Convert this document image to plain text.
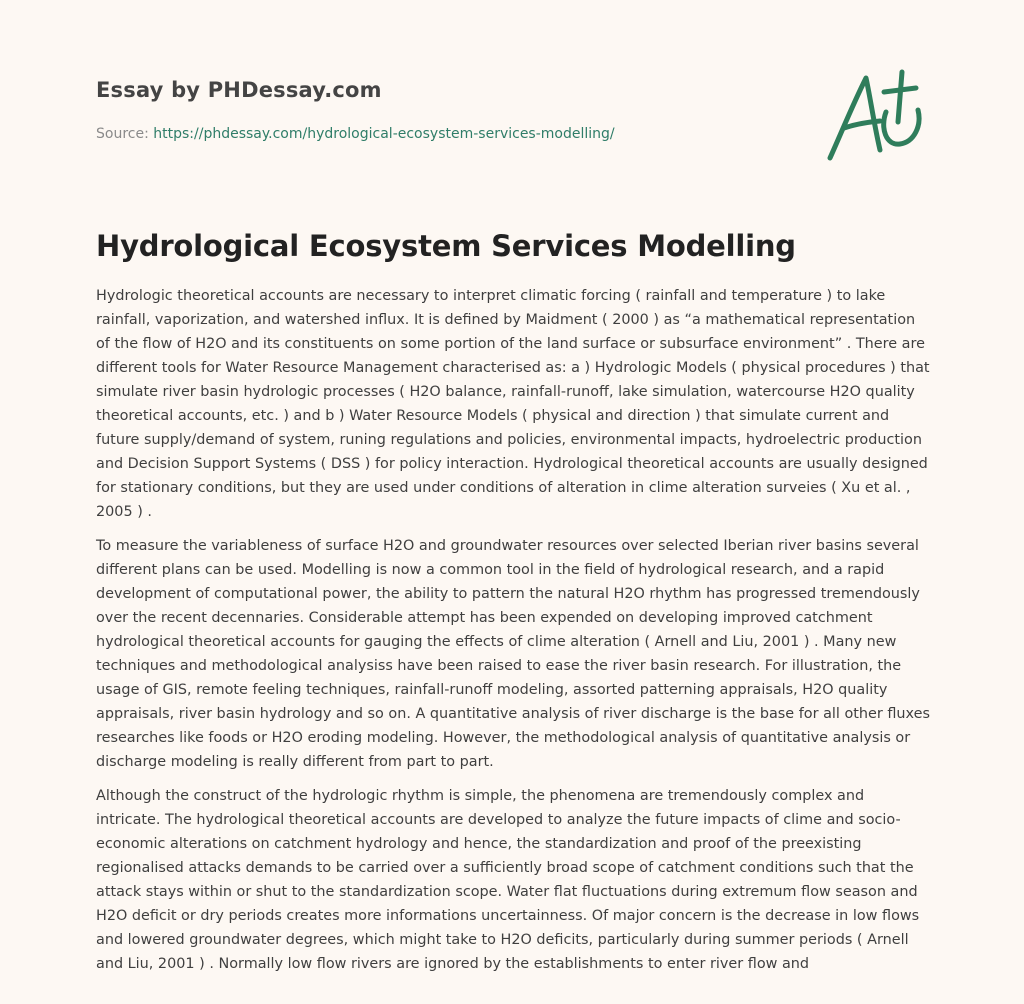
Essay by PHDessay.com
Source: https://phdessay.com/hydrological-ecosystem-services-modelling/
Hydrological Ecosystem Services Modelling

Hydrologic theoretical accounts are necessary to interpret climatic forcing ( rainfall and temperature ) to lake rainfall, vaporization, and watershed influx. It is defined by Maidment ( 2000 ) as “a mathematical representation of the flow of H2O and its constituents on some portion of the land surface or subsurface environment” . There are different tools for Water Resource Management characterised as: a ) Hydrologic Models ( physical procedures ) that simulate river basin hydrologic processes ( H2O balance, rainfall-runoff, lake simulation, watercourse H2O quality theoretical accounts, etc. ) and b ) Water Resource Models ( physical and direction ) that simulate current and future supply/demand of system, runing regulations and policies, environmental impacts, hydroelectric production and Decision Support Systems ( DSS ) for policy interaction. Hydrological theoretical accounts are usually designed for stationary conditions, but they are used under conditions of alteration in clime alteration surveies ( Xu et al. , 2005 ) .

To measure the variableness of surface H2O and groundwater resources over selected Iberian river basins several different plans can be used. Modelling is now a common tool in the field of hydrological research, and a rapid development of computational power, the ability to pattern the natural H2O rhythm has progressed tremendously over the recent decennaries. Considerable attempt has been expended on developing improved catchment hydrological theoretical accounts for gauging the effects of clime alteration ( Arnell and Liu, 2001 ) . Many new techniques and methodological analysiss have been raised to ease the river basin research. For illustration, the usage of GIS, remote feeling techniques, rainfall-runoff modeling, assorted patterning appraisals, H2O quality appraisals, river basin hydrology and so on. A quantitative analysis of river discharge is the base for all other fluxes researches like foods or H2O eroding modeling. However, the methodological analysis of quantitative analysis or discharge modeling is really different from part to part.

Although the construct of the hydrologic rhythm is simple, the phenomena are tremendously complex and intricate. The hydrological theoretical accounts are developed to analyze the future impacts of clime and socio-economic alterations on catchment hydrology and hence, the standardization and proof of the preexisting regionalised attacks demands to be carried over a sufficiently broad scope of catchment conditions such that the attack stays within or shut to the standardization scope. Water flat fluctuations during extremum flow season and H2O deficit or dry periods creates more informations uncertainness. Of major concern is the decrease in low flows and lowered groundwater degrees, which might take to H2O deficits, particularly during summer periods ( Arnell and Liu, 2001 ) . Normally low flow rivers are ignored by the establishments to enter river flow and
